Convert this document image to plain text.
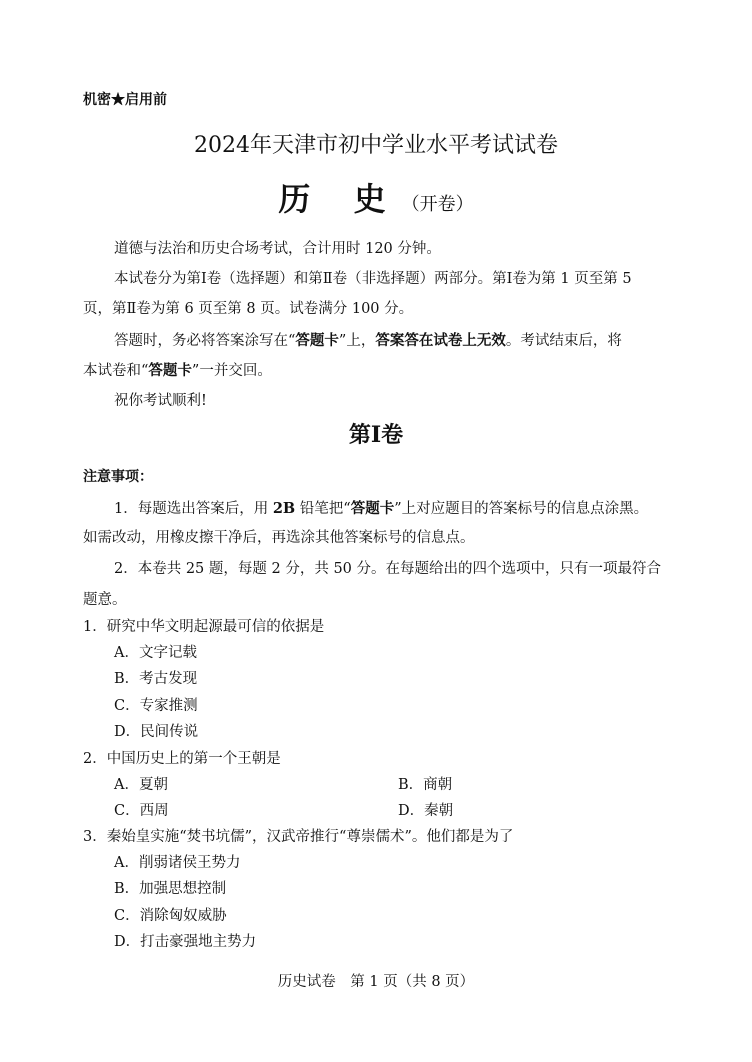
机密★启用前
2024年天津市初中学业水平考试试卷
历 史（开卷）
道德与法治和历史合场考试，合计用时 120 分钟。
本试卷分为第Ⅰ卷（选择题）和第Ⅱ卷（非选择题）两部分。第Ⅰ卷为第 1 页至第 5
页，第Ⅱ卷为第 6 页至第 8 页。试卷满分 100 分。
答题时，务必将答案涂写在“答题卡”上，答案答在试卷上无效。考试结束后，将
本试卷和“答题卡”一并交回。
祝你考试顺利!
第Ⅰ卷
注意事项：
1．每题选出答案后，用 2B 铅笔把“答题卡”上对应题目的答案标号的信息点涂黑。
如需改动，用橡皮擦干净后，再选涂其他答案标号的信息点。
2．本卷共 25 题，每题 2 分，共 50 分。在每题给出的四个选项中，只有一项最符合
题意。
1．研究中华文明起源最可信的依据是
A．文字记载
B．考古发现
C．专家推测
D．民间传说
2．中国历史上的第一个王朝是
A．夏朝	B．商朝
C．西周	D．秦朝
3．秦始皇实施“焚书坑儒”，汉武帝推行“尊崇儒术”。他们都是为了
A．削弱诸侯王势力
B．加强思想控制
C．消除匈奴威胁
D．打击豪强地主势力
历史试卷　第 1 页（共 8 页）
